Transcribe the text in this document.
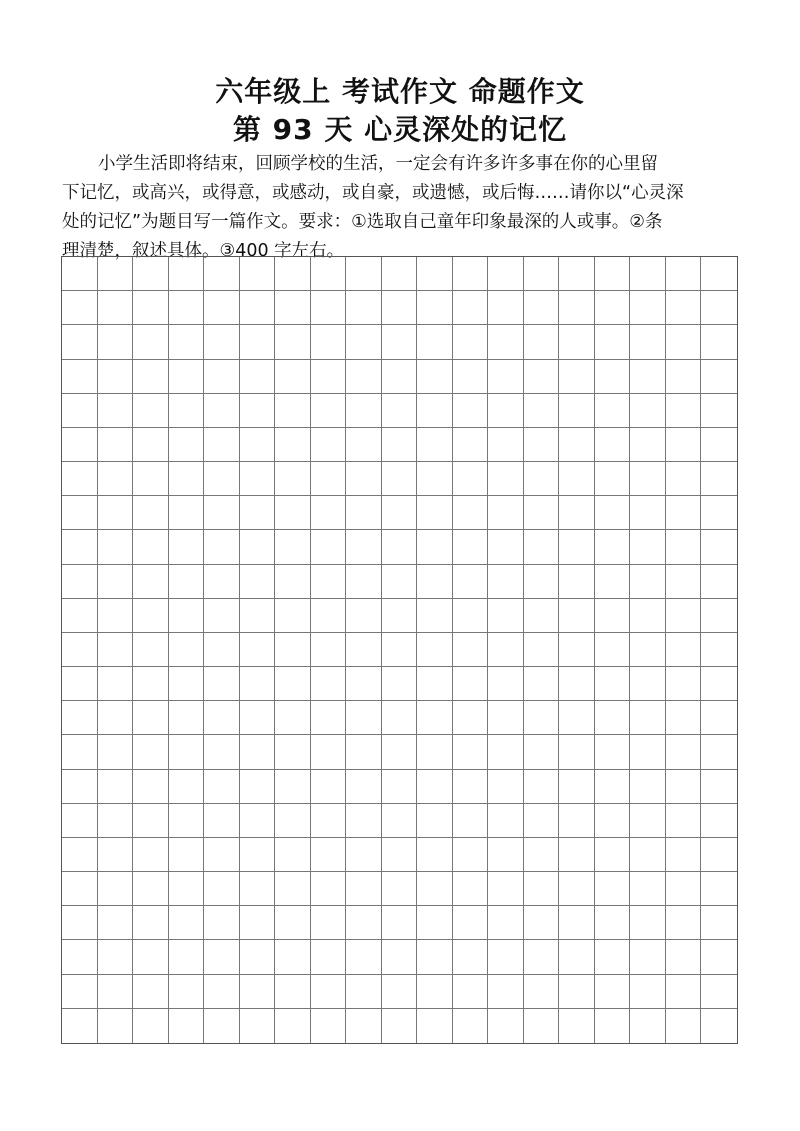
六年级上 考试作文 命题作文
第 93 天 心灵深处的记忆

小学生活即将结束，回顾学校的生活，一定会有许多许多事在你的心里留
下记忆，或高兴，或得意，或感动，或自豪，或遗憾，或后悔……请你以“心灵深
处的记忆”为题目写一篇作文。要求：①选取自己童年印象最深的人或事。②条
理清楚，叙述具体。③400 字左右。
